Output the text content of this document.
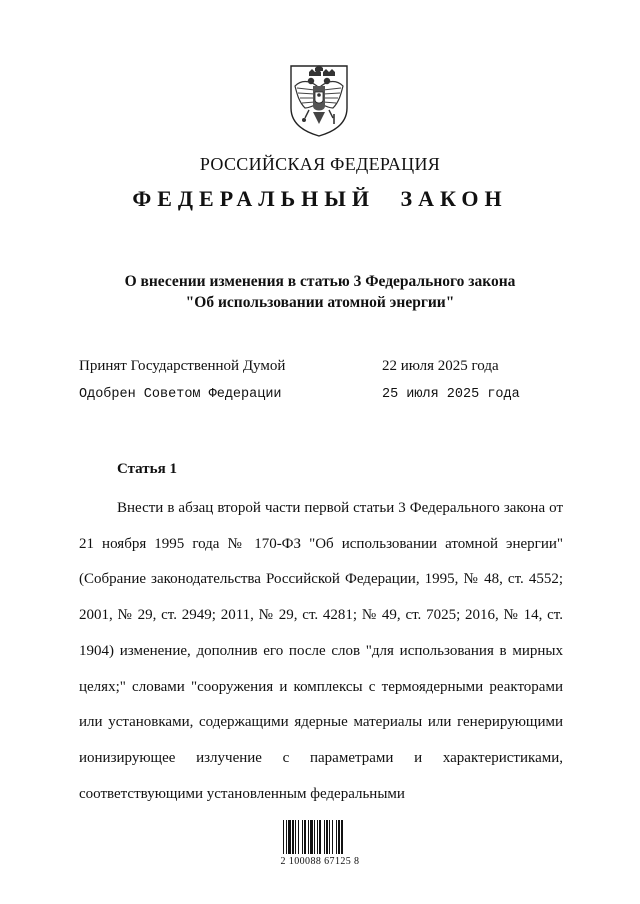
РОССИЙСКАЯ ФЕДЕРАЦИЯ
ФЕДЕРАЛЬНЫЙ ЗАКОН
О внесении изменения в статью 3 Федерального закона
"Об использовании атомной энергии"
Принят Государственной Думой	22 июля 2025 года
Одобрен Советом Федерации	25 июля 2025 года
Статья 1

Внести в абзац второй части первой статьи 3 Федерального закона от 21 ноября 1995 года № 170-ФЗ "Об использовании атомной энергии" (Собрание законодательства Российской Федерации, 1995, № 48, ст. 4552; 2001, № 29, ст. 2949; 2011, № 29, ст. 4281; № 49, ст. 7025; 2016, № 14, ст. 1904) изменение, дополнив его после слов "для использования в мирных целях;" словами "сооружения и комплексы с термоядерными реакторами или установками, содержащими ядерные материалы или генерирующими ионизирующее излучение с параметрами и характеристиками, соответствующими установленным федеральными

2 100088 67125 8
